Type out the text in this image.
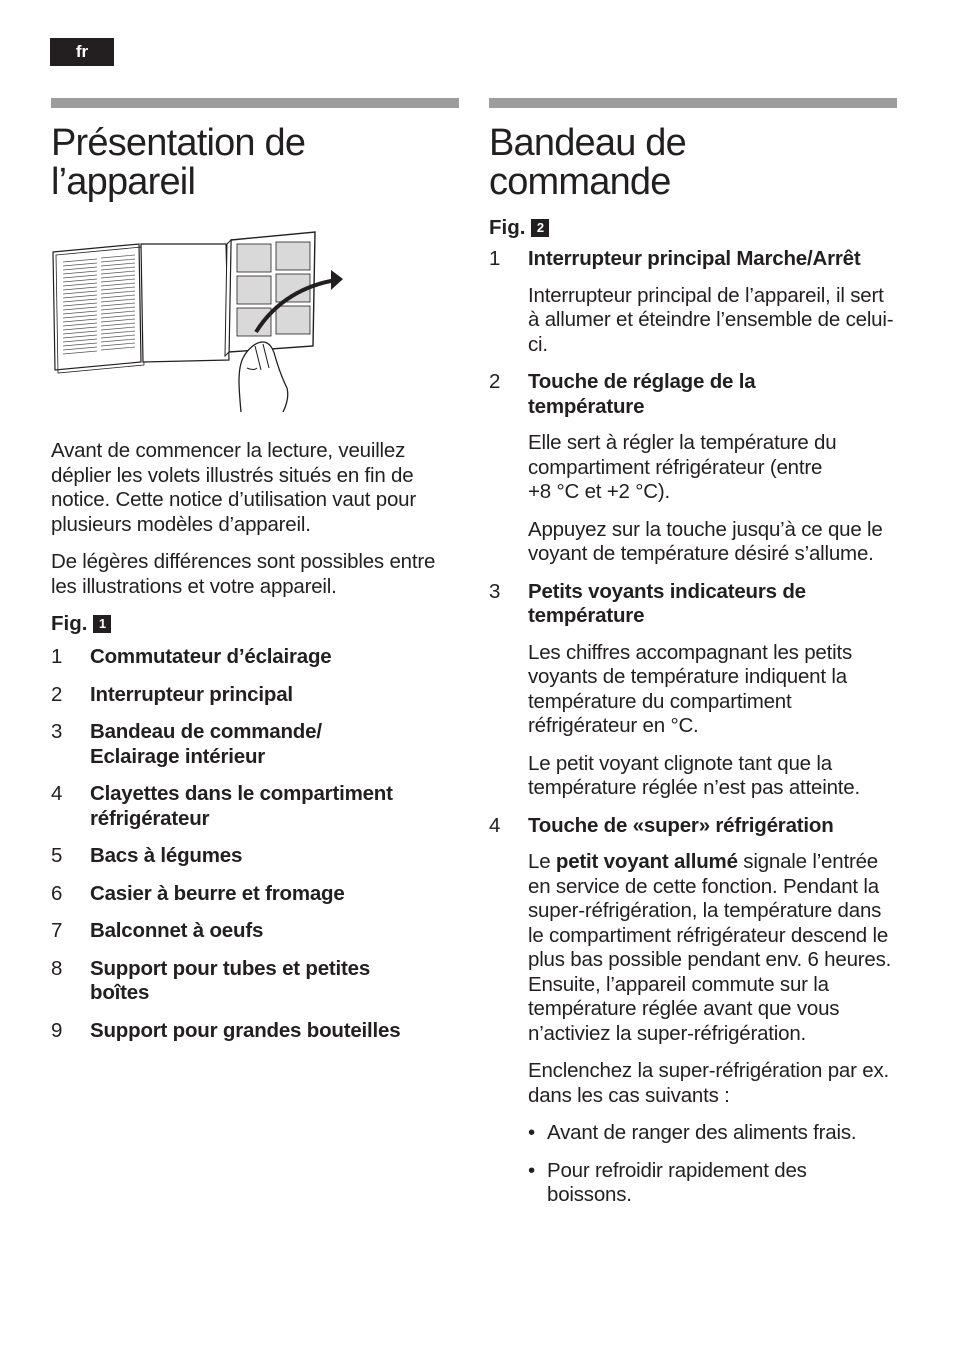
fr
Présentation de
l’appareil

Avant de commencer la lecture, veuillez déplier les volets illustrés situés en fin de notice. Cette notice d’utilisation vaut pour plusieurs modèles d’appareil.

De légères différences sont possibles entre les illustrations et votre appareil.

Fig. 1
1	Commutateur d’éclairage
2	Interrupteur principal
3	Bandeau de commande/ Eclairage intérieur
4	Clayettes dans le compartiment réfrigérateur
5	Bacs à légumes
6	Casier à beurre et fromage
7	Balconnet à oeufs
8	Support pour tubes et petites boîtes
9	Support pour grandes bouteilles
Bandeau de
commande
Fig. 2
1	Interrupteur principal Marche/Arrêt

Interrupteur principal de l’appareil, il sert à allumer et éteindre l’ensemble de celui-ci.

2	Touche de réglage de la température

Elle sert à régler la température du compartiment réfrigérateur (entre +8 °C et +2 °C).

Appuyez sur la touche jusqu’à ce que le voyant de température désiré s’allume.

3	Petits voyants indicateurs de température

Les chiffres accompagnant les petits voyants de température indiquent la température du compartiment réfrigérateur en °C.

Le petit voyant clignote tant que la température réglée n’est pas atteinte.

4	Touche de «super» réfrigération

Le petit voyant allumé signale l’entrée en service de cette fonction. Pendant la super-réfrigération, la température dans le compartiment réfrigérateur descend le plus bas possible pendant env. 6 heures. Ensuite, l’appareil commute sur la température réglée avant que vous n’activiez la super-réfrigération.

Enclenchez la super-réfrigération par ex. dans les cas suivants :

• Avant de ranger des aliments frais.
• Pour refroidir rapidement des boissons.
